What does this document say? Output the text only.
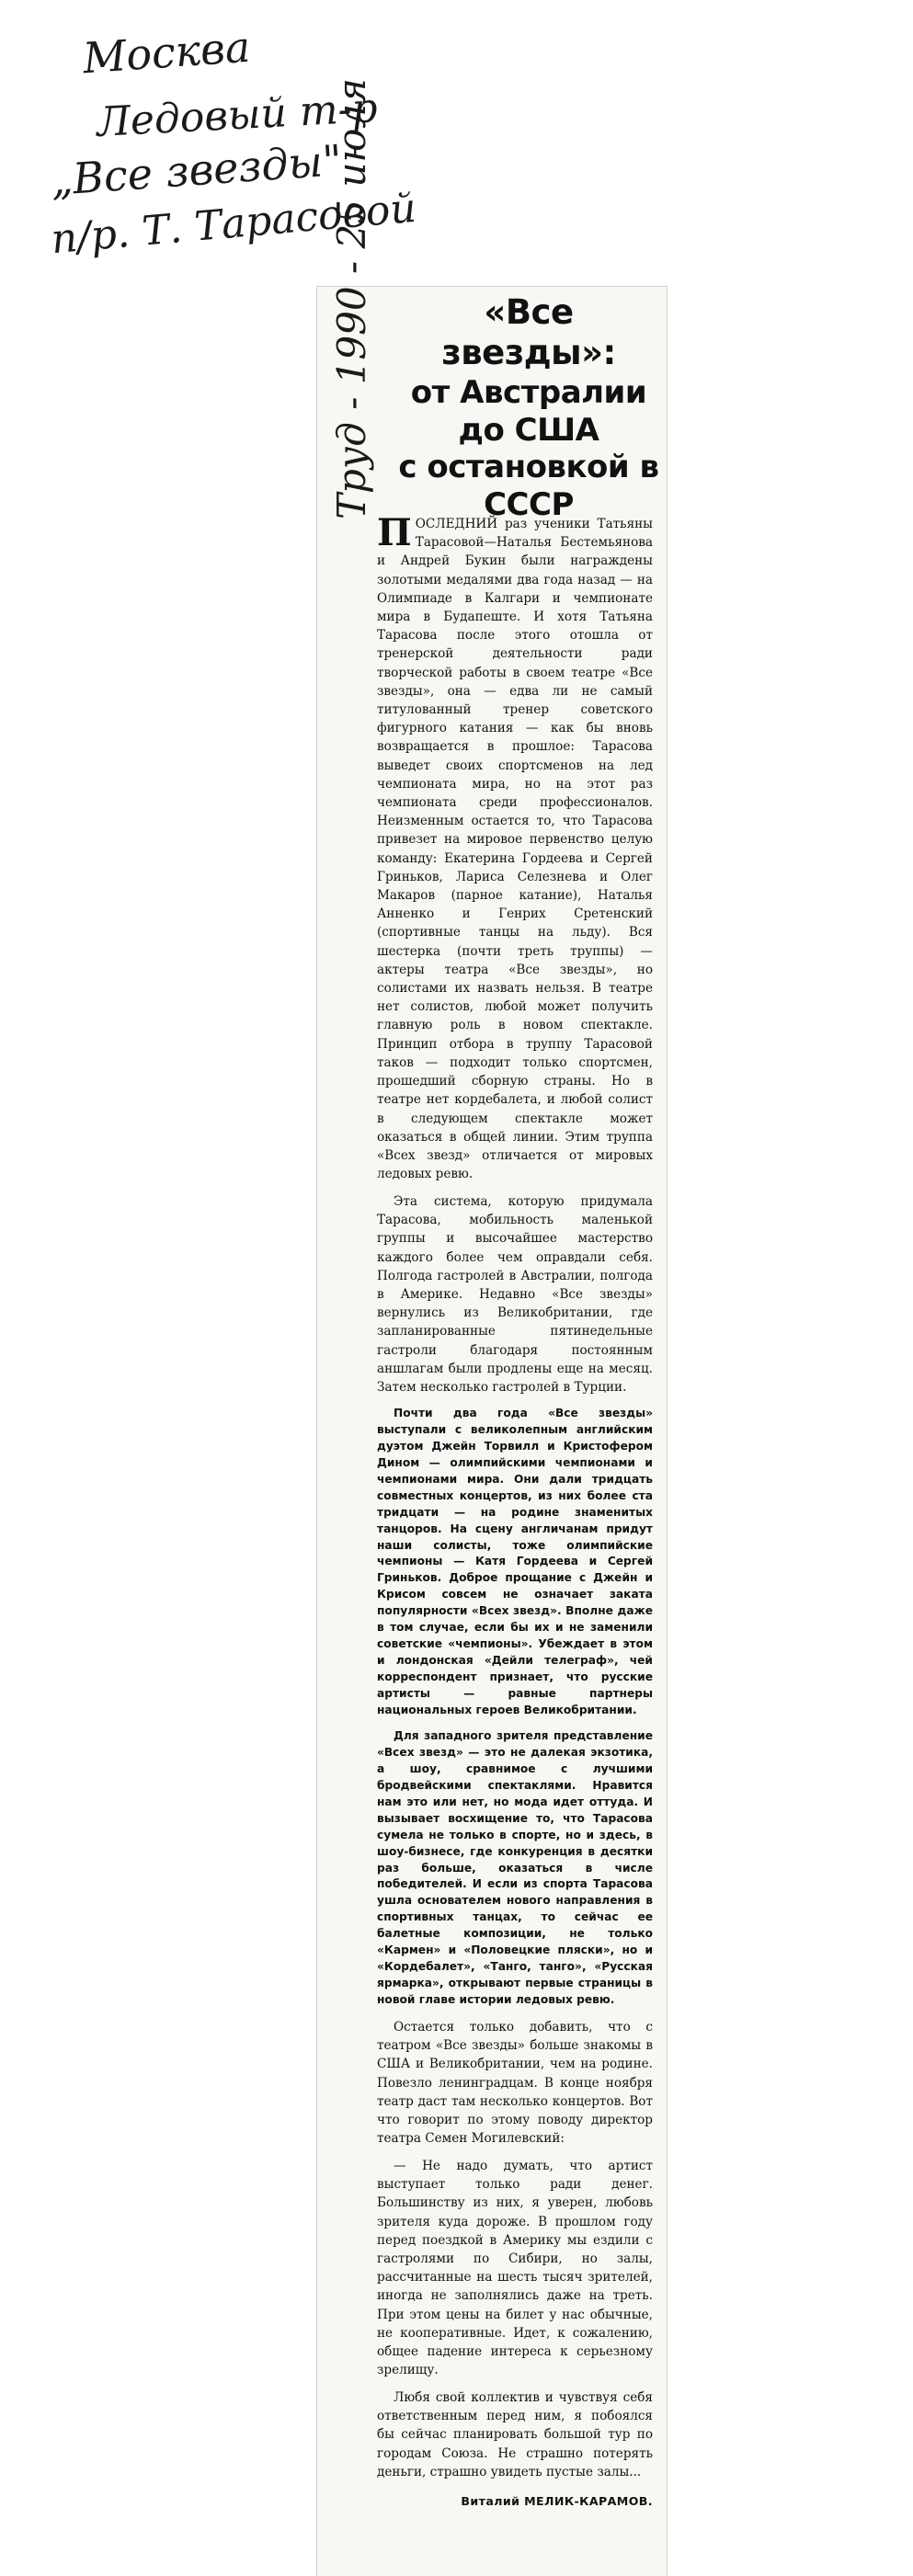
Москва
Ледовый т-р
„Все звезды"
п/р. Т. Тарасовой
Труд - 1990 - 25 июля	«Все звезды»:
от Австралии
до США
с остановкой в СССР
ПОСЛЕДНИЙ раз ученики Татьяны Тарасовой—Наталья Бестемьянова и Андрей Букин были награждены золотыми медалями два года назад — на Олимпиаде в Калгари и чемпионате мира в Будапеште. И хотя Татьяна Тарасова после этого отошла от тренерской деятельности ради творческой работы в своем театре «Все звезды», она — едва ли не самый титулованный тренер советского фигурного катания — как бы вновь возвращается в прошлое: Тарасова выведет своих спортсменов на лед чемпионата мира, но на этот раз чемпионата среди профессионалов. Неизменным остается то, что Тарасова привезет на мировое первенство целую команду: Екатерина Гордеева и Сергей Гриньков, Лариса Селезнева и Олег Макаров (парное катание), Наталья Анненко и Генрих Сретенский (спортивные танцы на льду). Вся шестерка (почти треть труппы) — актеры театра «Все звезды», но солистами их назвать нельзя. В театре нет солистов, любой может получить главную роль в новом спектакле. Принцип отбора в труппу Тарасовой таков — подходит только спортсмен, прошедший сборную страны. Но в театре нет кордебалета, и любой солист в следующем спектакле может оказаться в общей линии. Этим труппа «Всех звезд» отличается от мировых ледовых ревю.

Эта система, которую придумала Тарасова, мобильность маленькой группы и высочайшее мастерство каждого более чем оправдали себя. Полгода гастролей в Австралии, полгода в Америке. Недавно «Все звезды» вернулись из Великобритании, где запланированные пятинедельные гастроли благодаря постоянным аншлагам были продлены еще на месяц. Затем несколько гастролей в Турции.

Почти два года «Все звезды» выступали с великолепным английским дуэтом Джейн Торвилл и Кристофером Дином — олимпийскими чемпионами и чемпионами мира. Они дали тридцать совместных концертов, из них более ста тридцати — на родине знаменитых танцоров. На сцену англичанам придут наши солисты, тоже олимпийские чемпионы — Катя Гордеева и Сергей Гриньков. Доброе прощание с Джейн и Крисом совсем не означает заката популярности «Всех звезд». Вполне даже в том случае, если бы их и не заменили советские «чемпионы». Убеждает в этом и лондонская «Дейли телеграф», чей корреспондент признает, что русские артисты — равные партнеры национальных героев Великобритании.

Для западного зрителя представление «Всех звезд» — это не далекая экзотика, а шоу, сравнимое с лучшими бродвейскими спектаклями. Нравится нам это или нет, но мода идет оттуда. И вызывает восхищение то, что Тарасова сумела не только в спорте, но и здесь, в шоу-бизнесе, где конкуренция в десятки раз больше, оказаться в числе победителей. И если из спорта Тарасова ушла основателем нового направления в спортивных танцах, то сейчас ее балетные композиции, не только «Кармен» и «Половецкие пляски», но и «Кордебалет», «Танго, танго», «Русская ярмарка», открывают первые страницы в новой главе истории ледовых ревю.

Остается только добавить, что с театром «Все звезды» больше знакомы в США и Великобритании, чем на родине. Повезло ленинградцам. В конце ноября театр даст там несколько концертов. Вот что говорит по этому поводу директор театра Семен Могилевский:

— Не надо думать, что артист выступает только ради денег. Большинству из них, я уверен, любовь зрителя куда дороже. В прошлом году перед поездкой в Америку мы ездили с гастролями по Сибири, но залы, рассчитанные на шесть тысяч зрителей, иногда не заполнялись даже на треть. При этом цены на билет у нас обычные, не кооперативные. Идет, к сожалению, общее падение интереса к серьезному зрелищу.

Любя свой коллектив и чувствуя себя ответственным перед ним, я побоялся бы сейчас планировать большой тур по городам Союза. Не страшно потерять деньги, страшно увидеть пустые залы...

Виталий МЕЛИК-КАРАМОВ.
